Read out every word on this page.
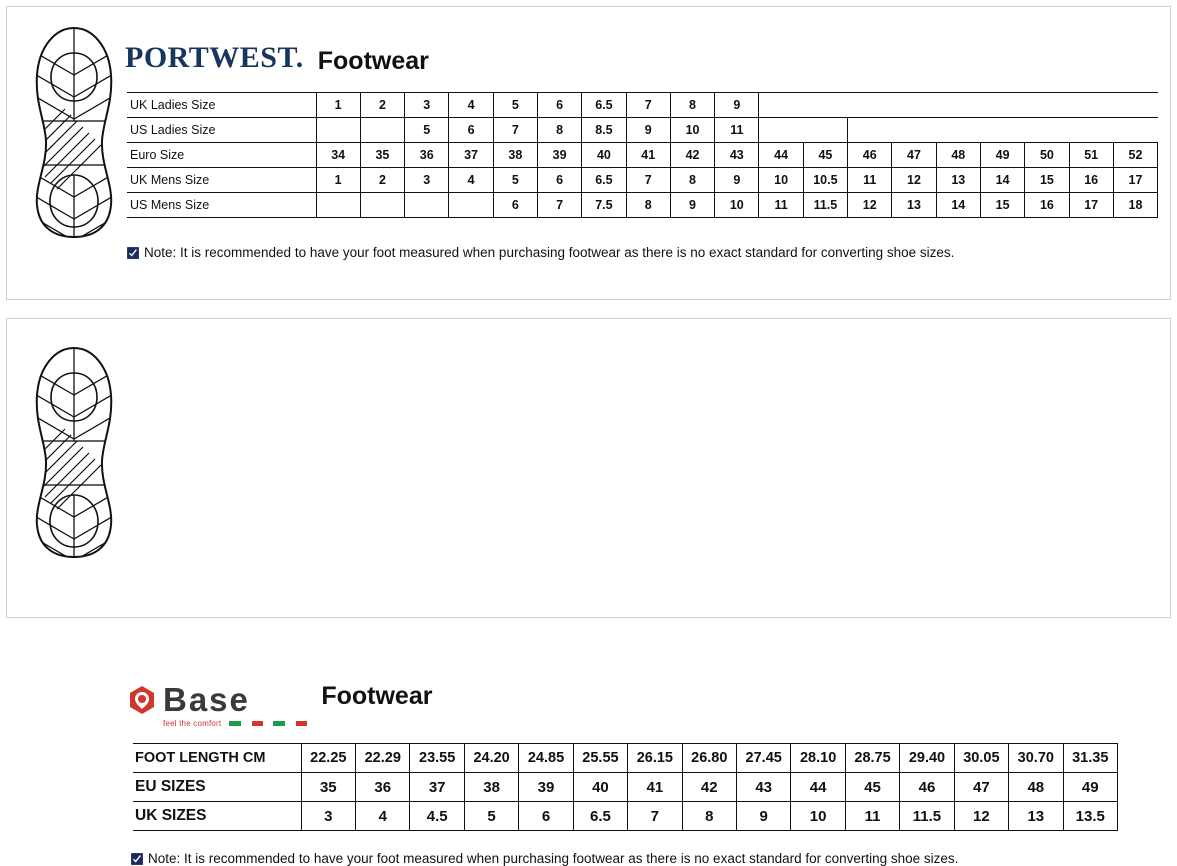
PORTWEST. Footwear
UK Ladies Size	1	2	3	4	5	6	6.5	7	8	9									
US Ladies Size			5	6	7	8	8.5	9	10	11									
Euro Size	34	35	36	37	38	39	40	41	42	43	44	45	46	47	48	49	50	51	52
UK Mens Size	1	2	3	4	5	6	6.5	7	8	9	10	10.5	11	12	13	14	15	16	17
US Mens Size					6	7	7.5	8	9	10	11	11.5	12	13	14	15	16	17	18
Note: It is recommended to have your foot measured when purchasing footwear as there is no exact standard for converting shoe sizes.
Base
feel the comfort
Footwear
FOOT LENGTH CM	22.25	22.29	23.55	24.20	24.85	25.55	26.15	26.80	27.45	28.10	28.75	29.40	30.05	30.70	31.35
EU SIZES	35	36	37	38	39	40	41	42	43	44	45	46	47	48	49
UK SIZES	3	4	4.5	5	6	6.5	7	8	9	10	11	11.5	12	13	13.5
Note: It is recommended to have your foot measured when purchasing footwear as there is no exact standard for converting shoe sizes.
